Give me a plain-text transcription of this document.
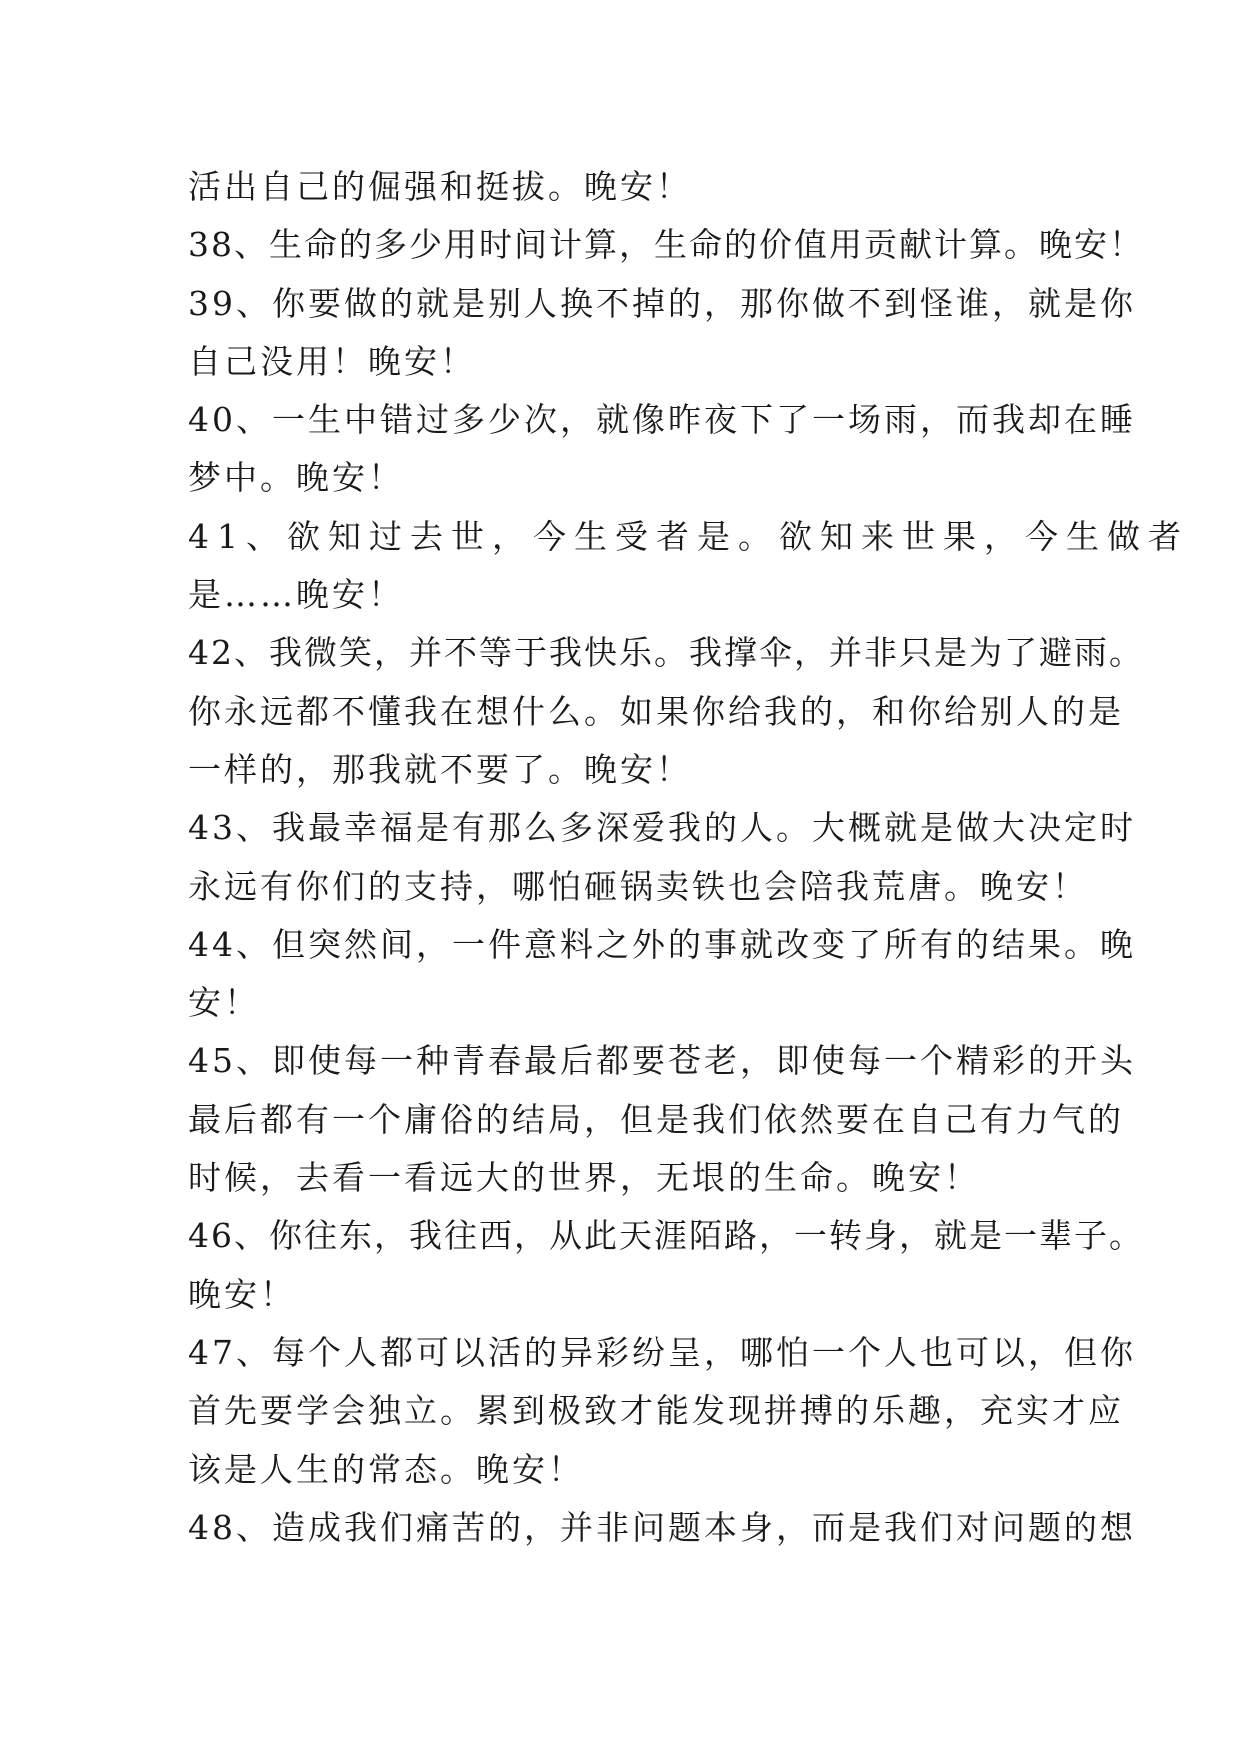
活出自己的倔强和挺拔。晚安！
38、生命的多少用时间计算，生命的价值用贡献计算。晚安！
39、你要做的就是别人换不掉的，那你做不到怪谁，就是你
自己没用！晚安！
40、一生中错过多少次，就像昨夜下了一场雨，而我却在睡
梦中。晚安！
41、欲知过去世，今生受者是。欲知来世果，今生做者
是……晚安！
42、我微笑，并不等于我快乐。我撑伞，并非只是为了避雨。
你永远都不懂我在想什么。如果你给我的，和你给别人的是
一样的，那我就不要了。晚安！
43、我最幸福是有那么多深爱我的人。大概就是做大决定时
永远有你们的支持，哪怕砸锅卖铁也会陪我荒唐。晚安！
44、但突然间，一件意料之外的事就改变了所有的结果。晚
安！
45、即使每一种青春最后都要苍老，即使每一个精彩的开头
最后都有一个庸俗的结局，但是我们依然要在自己有力气的
时候，去看一看远大的世界，无垠的生命。晚安！
46、你往东，我往西，从此天涯陌路，一转身，就是一辈子。
晚安！
47、每个人都可以活的异彩纷呈，哪怕一个人也可以，但你
首先要学会独立。累到极致才能发现拼搏的乐趣，充实才应
该是人生的常态。晚安！
48、造成我们痛苦的，并非问题本身，而是我们对问题的想
